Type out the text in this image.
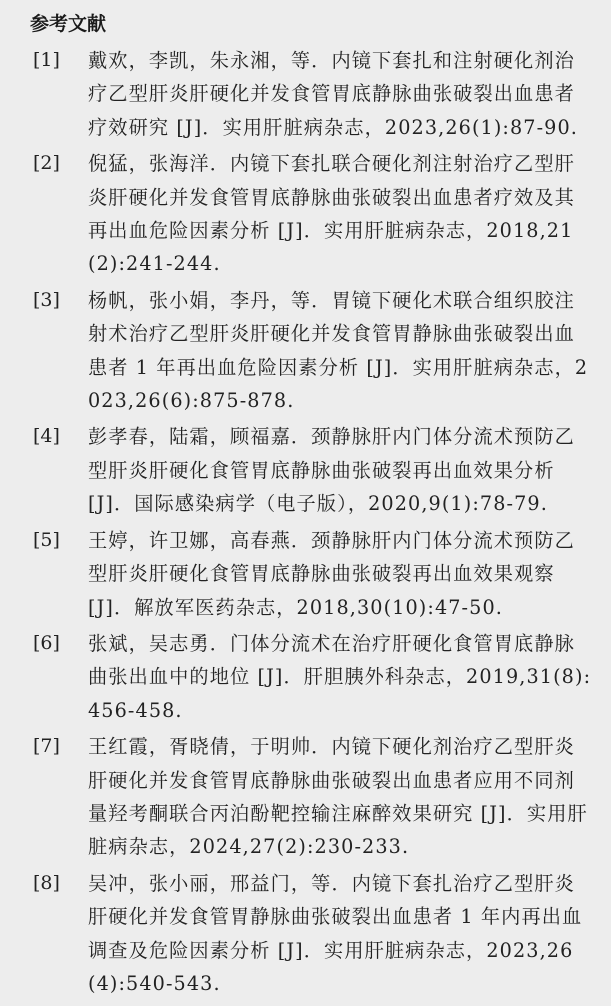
参考文献
[1] 戴欢，李凯，朱永湘，等．内镜下套扎和注射硬化剂治疗乙型肝炎肝硬化并发食管胃底静脉曲张破裂出血患者疗效研究 [J]．实用肝脏病杂志，2023,26(1):87-90.
[2] 倪猛，张海洋．内镜下套扎联合硬化剂注射治疗乙型肝炎肝硬化并发食管胃底静脉曲张破裂出血患者疗效及其再出血危险因素分析 [J]．实用肝脏病杂志，2018,21(2):241-244.
[3] 杨帆，张小娟，李丹，等．胃镜下硬化术联合组织胶注射术治疗乙型肝炎肝硬化并发食管胃静脉曲张破裂出血患者 1 年再出血危险因素分析 [J]．实用肝脏病杂志，2023,26(6):875-878.
[4] 彭孝春，陆霜，顾福嘉．颈静脉肝内门体分流术预防乙型肝炎肝硬化食管胃底静脉曲张破裂再出血效果分析 [J]．国际感染病学（电子版），2020,9(1):78-79.
[5] 王婷，许卫娜，高春燕．颈静脉肝内门体分流术预防乙型肝炎肝硬化食管胃底静脉曲张破裂再出血效果观察 [J]．解放军医药杂志，2018,30(10):47-50.
[6] 张斌，吴志勇．门体分流术在治疗肝硬化食管胃底静脉曲张出血中的地位 [J]．肝胆胰外科杂志，2019,31(8):456-458.
[7] 王红霞，胥晓倩，于明帅．内镜下硬化剂治疗乙型肝炎肝硬化并发食管胃底静脉曲张破裂出血患者应用不同剂量羟考酮联合丙泊酚靶控输注麻醉效果研究 [J]．实用肝脏病杂志，2024,27(2):230-233.
[8] 吴冲，张小丽，邢益门，等．内镜下套扎治疗乙型肝炎肝硬化并发食管胃静脉曲张破裂出血患者 1 年内再出血调查及危险因素分析 [J]．实用肝脏病杂志，2023,26(4):540-543.
